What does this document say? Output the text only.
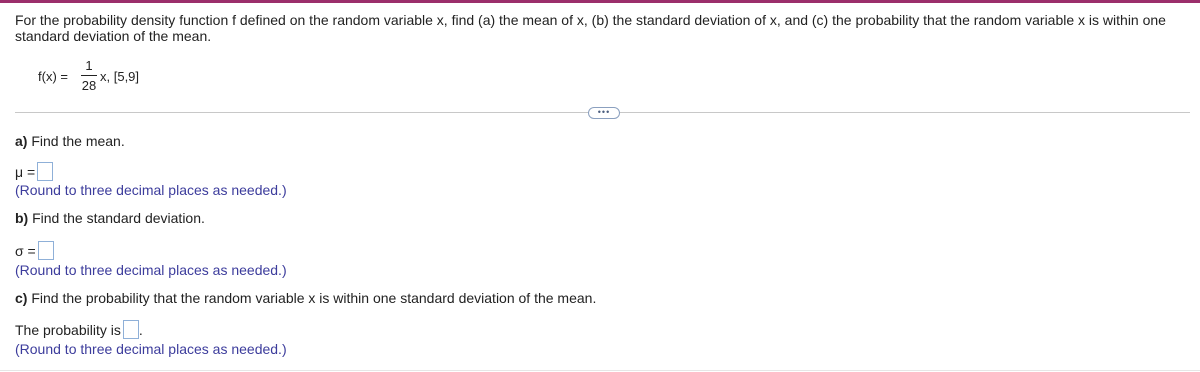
For the probability density function f defined on the random variable x, find (a) the mean of x, (b) the standard deviation of x, and (c) the probability that the random variable x is within one standard deviation of the mean.
f(x) =
1
28
x, [5,9]
•••
a) Find the mean.
μ =
(Round to three decimal places as needed.)
b) Find the standard deviation.
σ =
(Round to three decimal places as needed.)
c) Find the probability that the random variable x is within one standard deviation of the mean.
The probability is .
(Round to three decimal places as needed.)
